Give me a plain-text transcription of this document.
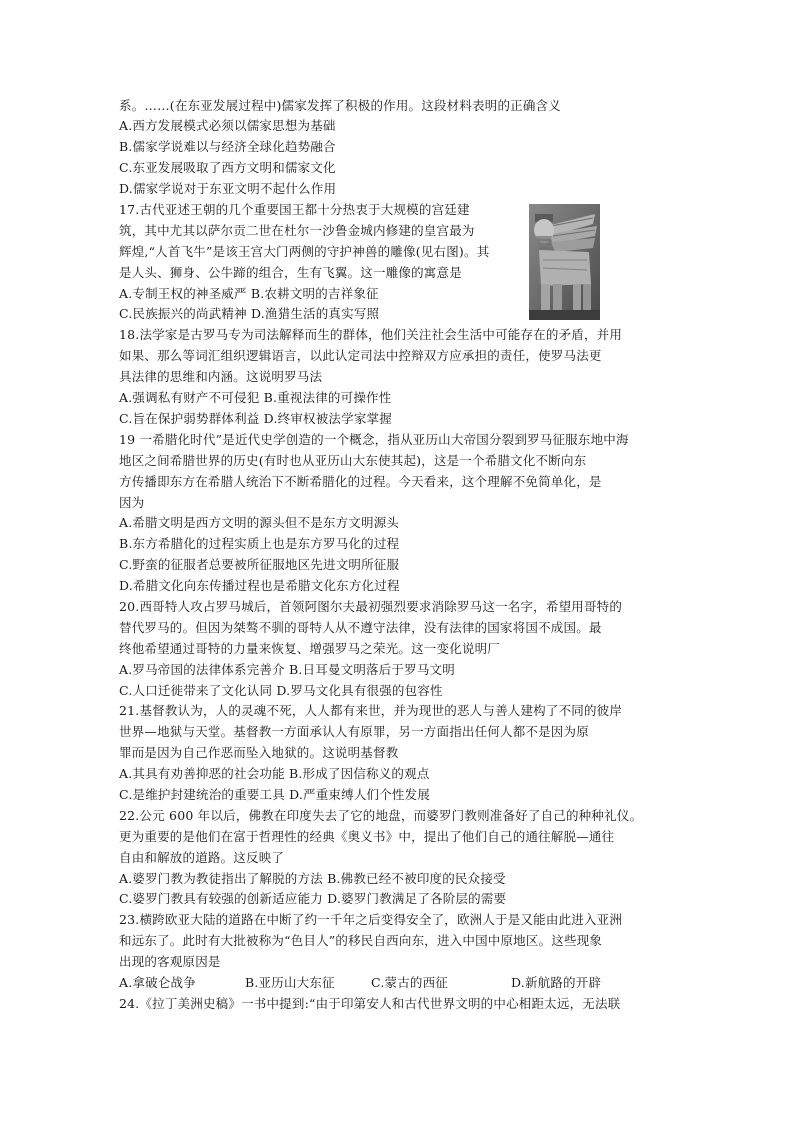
系。……(在东亚发展过程中)儒家发挥了积极的作用。这段材料表明的正确含义
A.西方发展模式必须以儒家思想为基础
B.儒家学说难以与经济全球化趋势融合
C.东亚发展吸取了西方文明和儒家文化
D.儒家学说对于东亚文明不起什么作用
17.古代亚述王朝的几个重要国王都十分热衷于大规模的宫廷建
筑，其中尤其以萨尔贡二世在杜尔一沙鲁金城内修建的皇宫最为
辉煌,“人首飞牛”是该王宫大门两侧的守护神兽的雕像(见右图)。其
是人头、狮身、公牛蹄的组合，生有飞翼。这一雕像的寓意是
A.专制王权的神圣威严 B.农耕文明的吉祥象征
C.民族振兴的尚武精神 D.渔猎生活的真实写照
18.法学家是古罗马专为司法解释而生的群体，他们关注社会生活中可能存在的矛盾，并用
如果、那么等词汇组织逻辑语言，以此认定司法中控辩双方应承担的责任，使罗马法更
具法律的思维和内涵。这说明罗马法
A.强调私有财产不可侵犯 B.重视法律的可操作性
C.旨在保护弱势群体利益 D.终审权被法学家掌握
19 一希腊化时代”是近代史学创造的一个概念，指从亚历山大帝国分裂到罗马征服东地中海
地区之间希腊世界的历史(有时也从亚历山大东使其起)，这是一个希腊文化不断向东
方传播即东方在希腊人统治下不断希腊化的过程。今天看来，这个理解不免简单化，是
因为
A.希腊文明是西方文明的源头但不是东方文明源头
B.东方希腊化的过程实质上也是东方罗马化的过程
C.野蛮的征服者总要被所征服地区先进文明所征服
D.希腊文化向东传播过程也是希腊文化东方化过程
20.西哥特人攻占罗马城后，首领阿图尔夫最初强烈要求消除罗马这一名字，希望用哥特的
替代罗马的。但因为桀骜不驯的哥特人从不遵守法律，没有法律的国家将国不成国。最
终他希望通过哥特的力量来恢复、增强罗马之荣光。这一变化说明厂
A.罗马帝国的法律体系完善介 B.日耳曼文明落后于罗马文明
C.人口迁徙带来了文化认同 D.罗马文化具有很强的包容性
21.基督教认为，人的灵魂不死，人人都有来世，并为现世的恶人与善人建构了不同的彼岸
世界—地狱与天堂。基督教一方面承认人有原罪，另一方面指出任何人都不是因为原
罪而是因为自己作恶而坠入地狱的。这说明基督教
A.其具有劝善抑恶的社会功能 B.形成了因信称义的观点
C.是维护封建统治的重要工具 D.严重束缚人们个性发展
22.公元 600 年以后，佛教在印度失去了它的地盘，而婆罗门教则准备好了自己的种种礼仪。
更为重要的是他们在富于哲理性的经典《奥义书》中，提出了他们自己的通往解脱—通往
自由和解放的道路。这反映了
A.婆罗门教为教徒指出了解脱的方法 B.佛教已经不被印度的民众接受
C.婆罗门教具有较强的创新适应能力 D.婆罗门教满足了各阶层的需要
23.横跨欧亚大陆的道路在中断了约一千年之后变得安全了，欧洲人于是又能由此进入亚洲
和远东了。此时有大批被称为“色目人”的移民自西向东，进入中国中原地区。这些现象
出现的客观原因是
A.拿破仑战争	B.亚历山大东征	C.蒙古的西征	D.新航路的开辟
24.《拉丁美洲史稿》一书中提到:“由于印第安人和古代世界文明的中心相距太远，无法联
